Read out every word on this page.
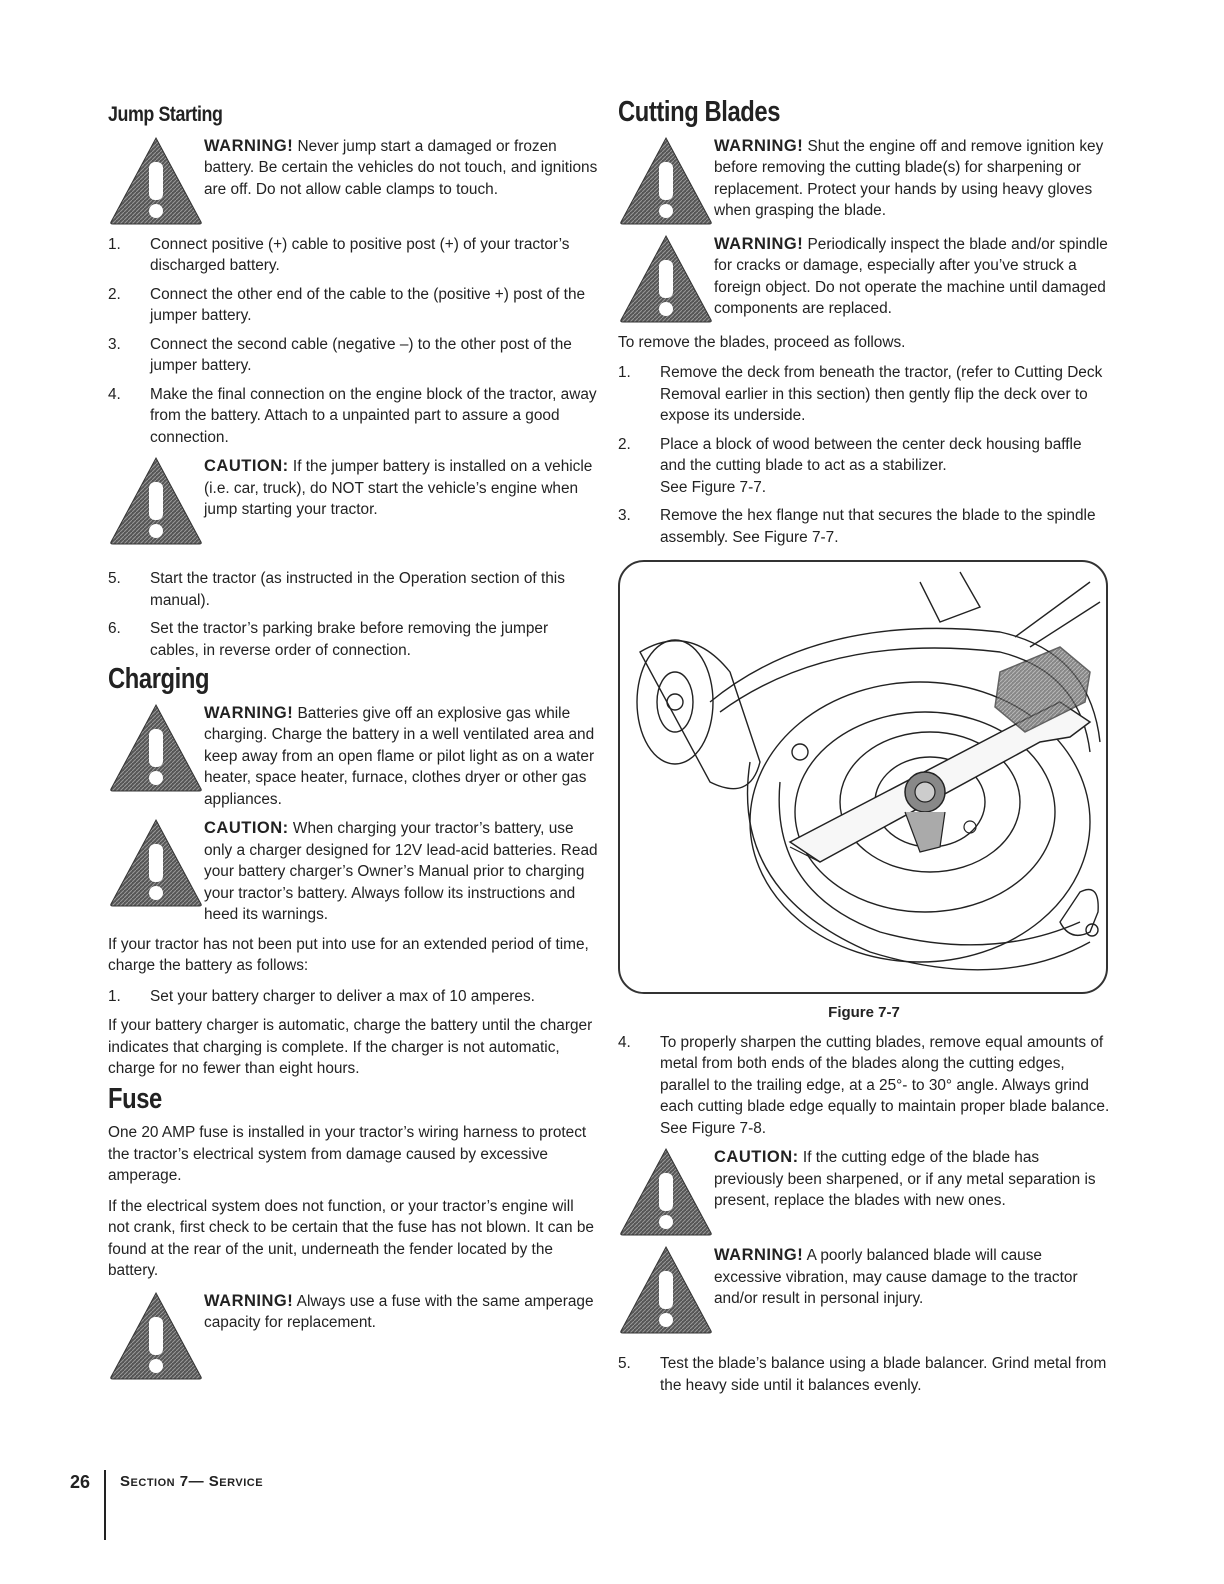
Jump Starting
WARNING! Never jump start a damaged or frozen battery. Be certain the vehicles do not touch, and ignitions are off. Do not allow cable clamps to touch.
1.	Connect positive (+) cable to positive post (+) of your tractor’s discharged battery.
2.	Connect the other end of the cable to the (positive +) post of the jumper battery.
3.	Connect the second cable (negative –) to the other post of the jumper battery.
4.	Make the final connection on the engine block of the tractor, away from the battery. Attach to a unpainted part to assure a good connection.
CAUTION: If the jumper battery is installed on a vehicle (i.e. car, truck), do NOT start the vehicle’s engine when jump starting your tractor.
5.	Start the tractor (as instructed in the Operation section of this manual).
6.	Set the tractor’s parking brake before removing the jumper cables, in reverse order of connection.
Charging
WARNING! Batteries give off an explosive gas while charging. Charge the battery in a well ventilated area and keep away from an open flame or pilot light as on a water heater, space heater, furnace, clothes dryer or other gas appliances.
CAUTION: When charging your tractor’s battery, use only a charger designed for 12V lead-acid batteries. Read your battery charger’s Owner’s Manual prior to charging your tractor’s battery. Always follow its instructions and heed its warnings.

If your tractor has not been put into use for an extended period of time, charge the battery as follows:

1.	Set your battery charger to deliver a max of 10 amperes.

If your battery charger is automatic, charge the battery until the charger indicates that charging is complete. If the charger is not automatic, charge for no fewer than eight hours.

Fuse

One 20 AMP fuse is installed in your tractor’s wiring harness to protect the tractor’s electrical system from damage caused by excessive amperage.

If the electrical system does not function, or your tractor’s engine will not crank, first check to be certain that the fuse has not blown. It can be found at the rear of the unit, underneath the fender located by the battery.

WARNING! Always use a fuse with the same amperage capacity for replacement.
Cutting Blades
WARNING! Shut the engine off and remove ignition key before removing the cutting blade(s) for sharpening or replacement. Protect your hands by using heavy gloves when grasping the blade.
WARNING! Periodically inspect the blade and/or spindle for cracks or damage, especially after you’ve struck a foreign object. Do not operate the machine until damaged components are replaced.

To remove the blades, proceed as follows.

1.	Remove the deck from beneath the tractor, (refer to Cutting Deck Removal earlier in this section) then gently flip the deck over to expose its underside.
2.	Place a block of wood between the center deck housing baffle and the cutting blade to act as a stabilizer.
See Figure 7-7.
3.	Remove the hex flange nut that secures the blade to the spindle assembly. See Figure 7-7.
Figure 7-7
4.	To properly sharpen the cutting blades, remove equal amounts of metal from both ends of the blades along the cutting edges, parallel to the trailing edge, at a 25°- to 30° angle. Always grind each cutting blade edge equally to maintain proper blade balance. See Figure 7-8.
CAUTION: If the cutting edge of the blade has previously been sharpened, or if any metal separation is present, replace the blades with new ones.
WARNING! A poorly balanced blade will cause excessive vibration, may cause damage to the tractor and/or result in personal injury.
5.	Test the blade’s balance using a blade balancer. Grind metal from the heavy side until it balances evenly.
26 Section 7— Service
